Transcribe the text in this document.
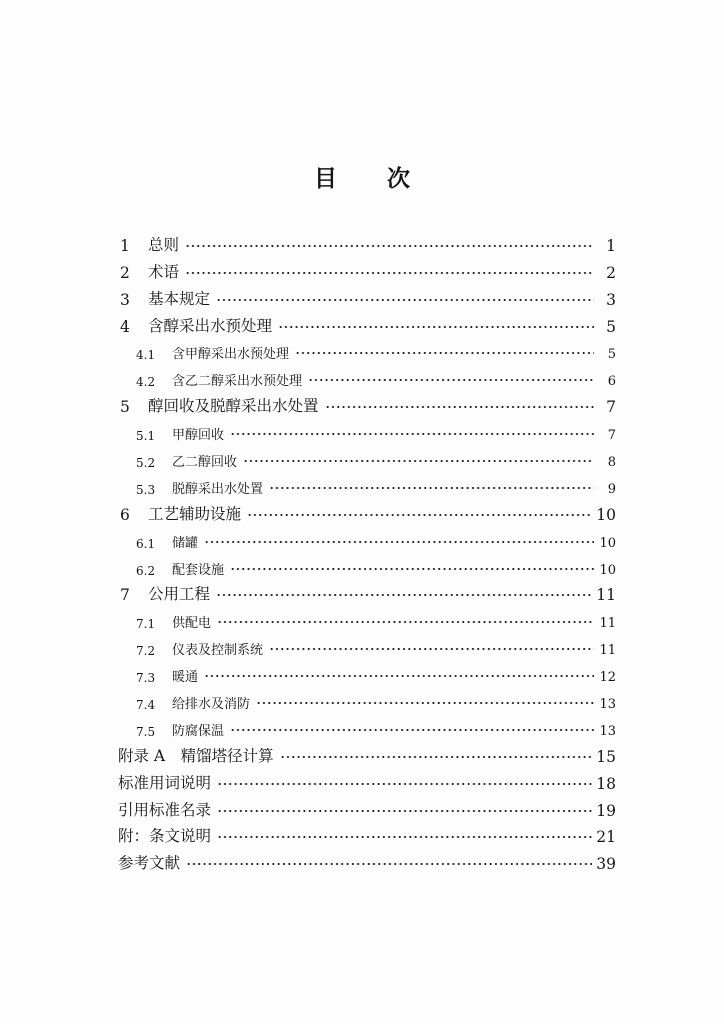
目 次
1	总则	1
2	术语	2
3	基本规定	3
4	含醇采出水预处理	5
4.1	含甲醇采出水预处理	5
4.2	含乙二醇采出水预处理	6
5	醇回收及脱醇采出水处置	7
5.1	甲醇回收	7
5.2	乙二醇回收	8
5.3	脱醇采出水处置	9
6	工艺辅助设施	10
6.1	储罐	10
6.2	配套设施	10
7	公用工程	11
7.1	供配电	11
7.2	仪表及控制系统	11
7.3	暖通	12
7.4	给排水及消防	13
7.5	防腐保温	13
附录 A　精馏塔径计算	15
标准用词说明	18
引用标准名录	19
附：条文说明	21
参考文献	39
